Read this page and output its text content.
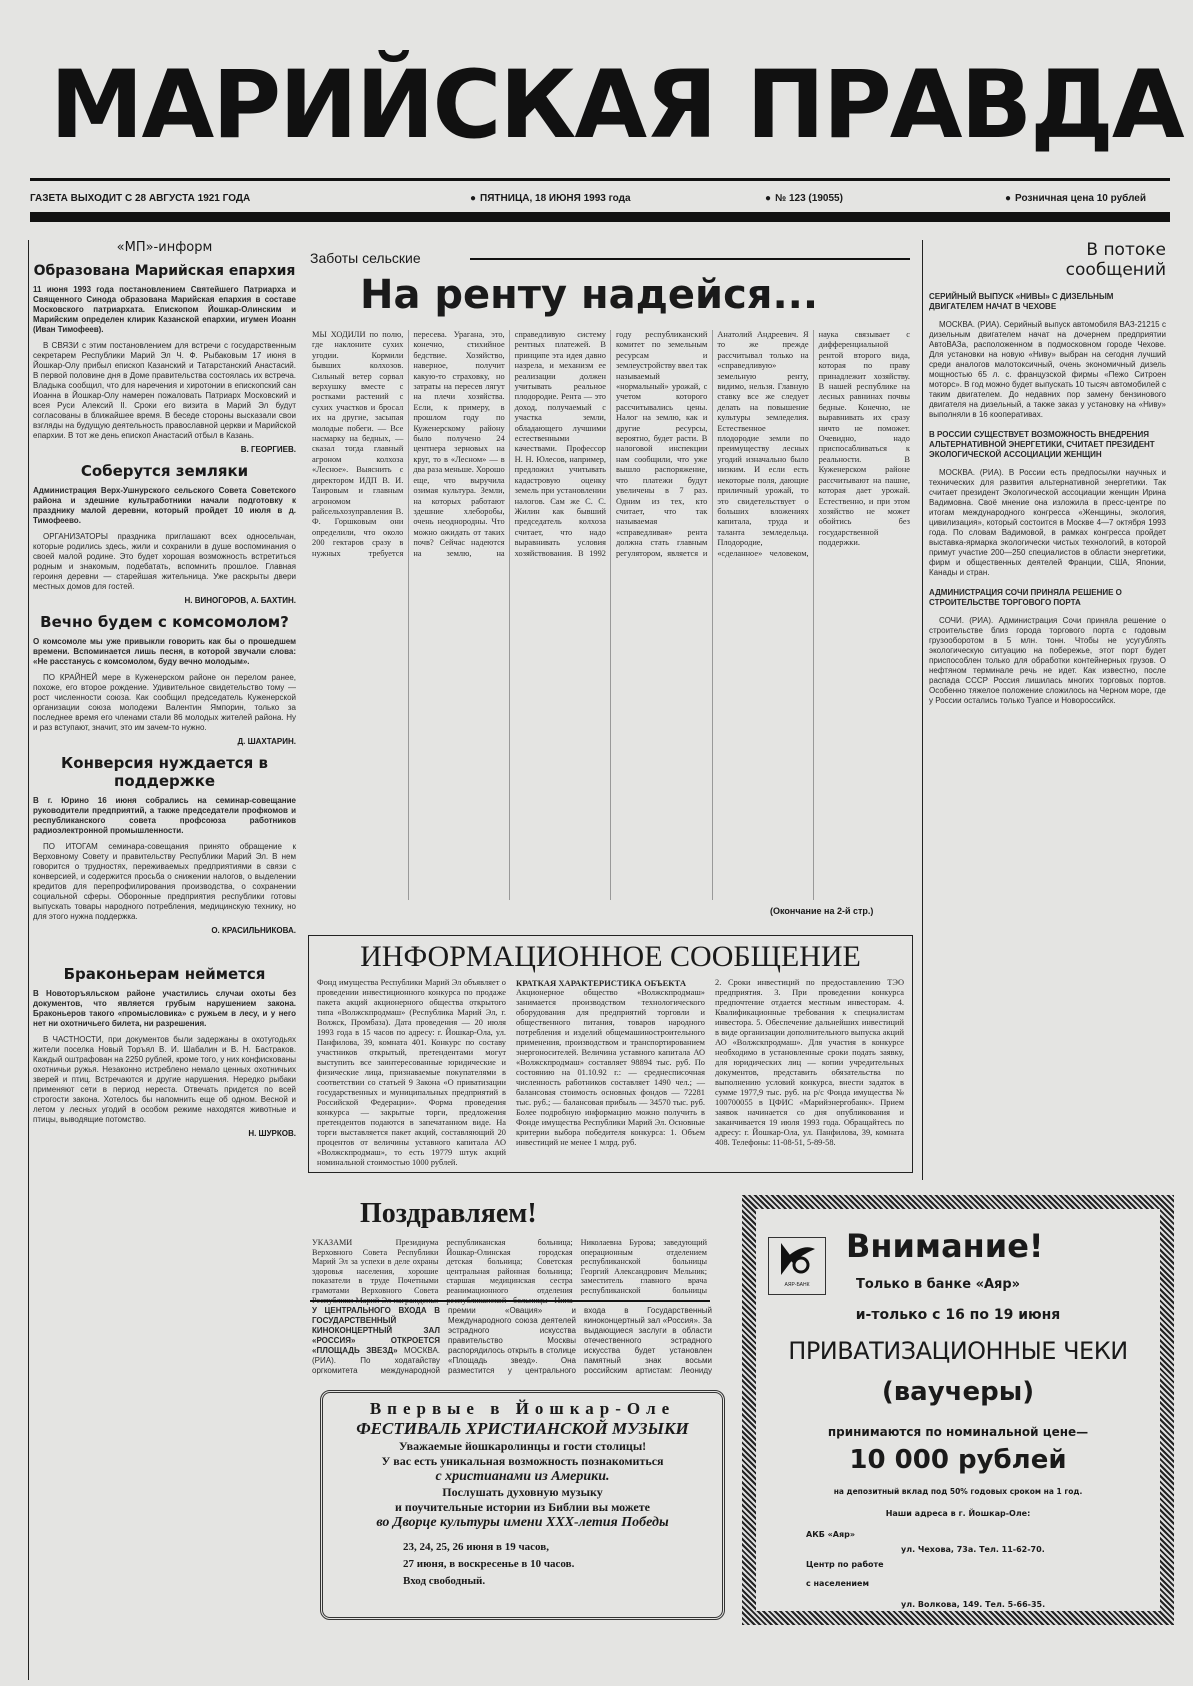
МАРИЙСКАЯ ПРАВДА
ГАЗЕТА ВЫХОДИТ С 28 АВГУСТА 1921 ГОДА	● ПЯТНИЦА, 18 ИЮНЯ 1993 года	● № 123 (19055)	● Розничная цена 10 рублей
«МП»-информ
Образована Марийская епархия

11 июня 1993 года постановлением Святейшего Патриарха и Священного Синода образована Марийская епархия в составе Московского патриархата. Епископом Йошкар-Олинским и Марийским определен клирик Казанской епархии, игумен Иоанн (Иван Тимофеев).

В СВЯЗИ с этим постановлением для встречи с государственным секретарем Республики Марий Эл Ч. Ф. Рыбаковым 17 июня в Йошкар-Олу прибыл епископ Казанский и Татарстанский Анастасий. В первой половине дня в Доме правительства состоялась их встреча. Владыка сообщил, что для наречения и хиротонии в епископский сан Иоанна в Йошкар-Олу намерен пожаловать Патриарх Московский и всея Руси Алексий II. Сроки его визита в Марий Эл будут согласованы в ближайшее время. В беседе стороны высказали свои взгляды на будущую деятельность православной церкви и Марийской епархии. В тот же день епископ Анастасий отбыл в Казань.

В. ГЕОРГИЕВ.
Соберутся земляки

Администрация Верх-Ушнурского сельского Совета Советского района и здешние культработники начали подготовку к празднику малой деревни, который пройдет 10 июля в д. Тимофеево.

ОРГАНИЗАТОРЫ праздника приглашают всех односельчан, которые родились здесь, жили и сохранили в душе воспоминания о своей малой родине. Это будет хорошая возможность встретиться родным и знакомым, подебатать, вспомнить прошлое. Главная героиня деревни — старейшая жительница. Уже раскрыты двери местных домов для гостей.

Н. ВИНОГОРОВ, А. БАХТИН.
Вечно будем с комсомолом?

О комсомоле мы уже привыкли говорить как бы о прошедшем времени. Вспоминается лишь песня, в которой звучали слова: «Не расстанусь с комсомолом, буду вечно молодым».

ПО КРАЙНЕЙ мере в Куженерском районе он перелом ранее, похоже, его второе рождение. Удивительное свидетельство тому — рост численности союза. Как сообщил председатель Куженерской организации союза молодежи Валентин Ямпорин, только за последнее время его членами стали 86 молодых жителей района. Ну и раз вступают, значит, это им зачем-то нужно.

Д. ШАХТАРИН.
Конверсия нуждается в поддержке

В г. Юрино 16 июня собрались на семинар-совещание руководители предприятий, а также председатели профкомов и республиканского совета профсоюза работников радиоэлектронной промышленности.

ПО ИТОГАМ семинара-совещания принято обращение к Верховному Совету и правительству Республики Марий Эл. В нем говорится о трудностях, переживаемых предприятиями в связи с конверсией, и содержится просьба о снижении налогов, о выделении кредитов для перепрофилирования производства, о сохранении социальной сферы. Оборонные предприятия республики готовы выпускать товары народного потребления, медицинскую технику, но для этого нужна поддержка.

О. КРАСИЛЬНИКОВА.
Браконьерам неймется

В Новоторъяльском районе участились случаи охоты без документов, что является грубым нарушением закона. Браконьеров такого «промысловика» с ружьем в лесу, и у него нет ни охотничьего билета, ни разрешения.

В ЧАСТНОСТИ, при документов были задержаны в охотугодьях жители поселка Новый Торъял В. И. Шабалин и В. Н. Бастраков. Каждый оштрафован на 2250 рублей, кроме того, у них конфискованы охотничьи ружья. Незаконно истреблено немало ценных охотничьих зверей и птиц. Встречаются и другие нарушения. Нередко рыбаки применяют сети в период нереста. Отвечать придется по всей строгости закона. Хотелось бы напомнить еще об одном. Весной и летом у лесных угодий в особом режиме находятся животные и птицы, выводящие потомство.

Н. ШУРКОВ.
Заботы сельские
На ренту надейся...
МЫ ХОДИЛИ по полю, где наклоните сухих угодии. Кормили бывших колхозов. Сильный ветер сорвал верхушку вместе с ростками растений с сухих участков и бросал их на другие, засыпая молодые побеги. — Все насмарку на бедных, — сказал тогда главный агроном колхоза «Лесное». Выяснить с директором ИДП В. И. Таировым и главным агрономом райсельхозуправления В. Ф. Горшковым они определили, что около 200 гектаров сразу в нужных требуется пересева. Урагана, это, конечно, стихийное бедствие. Хозяйство, наверное, получит какую-то страховку, но затраты на пересев лягут на плечи хозяйства. Если, к примеру, в прошлом году по Куженерскому району было получено 24 центнера зерновых на круг, то в «Лесном» — в два раза меньше. Хорошо еще, что выручила озимая культура. Земли, на которых работают здешние хлеборобы, очень неоднородны. Что можно ожидать от таких почв? Сейчас надеются на землю, на справедливую систему рентных платежей. В принципе эта идея давно назрела, и механизм ее реализации должен учитывать реальное плодородие. Рента — это доход, получаемый с участка земли, обладающего лучшими естественными качествами. Профессор Н. Н. Юлесов, например, предложил учитывать кадастровую оценку земель при установлении налогов. Сам же С. С. Жилин как бывший председатель колхоза считает, что надо выравнивать условия хозяйствования. В 1992 году республиканский комитет по земельным ресурсам и землеустройству ввел так называемый «нормальный» урожай, с учетом которого рассчитывались цены. Налог на землю, как и другие ресурсы, вероятно, будет расти. В налоговой инспекции нам сообщили, что уже вышло распоряжение, что платежи будут увеличены в 7 раз. Одним из тех, кто считает, что так называемая «справедливая» рента должна стать главным регулятором, является и Анатолий Андреевич. Я то же прежде рассчитывал только на «справедливую» земельную ренту, видимо, нельзя. Главную ставку все же следует делать на повышение культуры земледелия. Естественное плодородие земли по преимуществу лесных угодий изначально было низким. И если есть некоторые поля, дающие приличный урожай, то это свидетельствует о больших вложениях капитала, труда и таланта земледельца. Плодородие, «сделанное» человеком, наука связывает с дифференциальной рентой второго вида, которая по праву принадлежит хозяйству. В нашей республике на лесных равнинах почвы бедные. Конечно, не выравнивать их сразу ничто не поможет. Очевидно, надо приспосабливаться к реальности. В Куженерском районе рассчитывают на пашне, которая дает урожай. Естественно, и при этом хозяйство не может обойтись без государственной поддержки.
(Окончание на 2-й стр.)
В потоке сообщений
СЕРИЙНЫЙ ВЫПУСК «НИВЫ» С ДИЗЕЛЬНЫМ ДВИГАТЕЛЕМ НАЧАТ В ЧЕХОВЕ

МОСКВА. (РИА). Серийный выпуск автомобиля ВАЗ-21215 с дизельным двигателем начат на дочернем предприятии АвтоВАЗа, расположенном в подмосковном городе Чехове. Для установки на новую «Ниву» выбран на сегодня лучший среди аналогов малотоксичный, очень экономичный дизель мощностью 65 л. с. французской фирмы «Пежо Ситроен моторс». В год можно будет выпускать 10 тысяч автомобилей с таким двигателем. До недавних пор замену бензинового двигателя на дизельный, а также заказ у установку на «Ниву» выполняли в 16 кооперативах.

В РОССИИ СУЩЕСТВУЕТ ВОЗМОЖНОСТЬ ВНЕДРЕНИЯ АЛЬТЕРНАТИВНОЙ ЭНЕРГЕТИКИ, СЧИТАЕТ ПРЕЗИДЕНТ ЭКОЛОГИЧЕСКОЙ АССОЦИАЦИИ ЖЕНЩИН

МОСКВА. (РИА). В России есть предпосылки научных и технических для развития альтернативной энергетики. Так считает президент Экологической ассоциации женщин Ирина Вадимовна. Своё мнение она изложила в пресс-центре по итогам международного конгресса «Женщины, экология, цивилизация», который состоится в Москве 4—7 октября 1993 года. По словам Вадимовой, в рамках конгресса пройдет выставка-ярмарка экологически чистых технологий, в которой примут участие 200—250 специалистов в области энергетики, фирм и общественных деятелей Франции, США, Японии, Канады и стран.

АДМИНИСТРАЦИЯ СОЧИ ПРИНЯЛА РЕШЕНИЕ О СТРОИТЕЛЬСТВЕ ТОРГОВОГО ПОРТА

СОЧИ. (РИА). Администрация Сочи приняла решение о строительстве близ города торгового порта с годовым грузооборотом в 5 млн. тонн. Чтобы не усугублять экологическую ситуацию на побережье, этот порт будет приспособлен только для обработки контейнерных грузов. О нефтяном терминале речь не идет. Как известно, после распада СССР Россия лишилась многих торговых портов. Особенно тяжелое положение сложилось на Черном море, где у России остались только Туапсе и Новороссийск.

ИНФОРМАЦИОННОЕ СООБЩЕНИЕ

Фонд имущества Республики Марий Эл объявляет о проведении инвестиционного конкурса по продаже пакета акций акционерного общества открытого типа «Волжскпродмаш» (Республика Марий Эл, г. Волжск, Промбаза). Дата проведения — 20 июля 1993 года в 15 часов по адресу: г. Йошкар-Ола, ул. Панфилова, 39, комната 401. Конкурс по составу участников открытый, претендентами могут выступить все заинтересованные юридические и физические лица, признаваемые покупателями в соответствии со статьей 9 Закона «О приватизации государственных и муниципальных предприятий в Российской Федерации». Форма проведения конкурса — закрытые торги, предложения претендентов подаются в запечатанном виде. На торги выставляется пакет акций, составляющий 20 процентов от величины уставного капитала АО «Волжскпродмаш», то есть 19779 штук акций номинальной стоимостью 1000 рублей.

КРАТКАЯ ХАРАКТЕРИСТИКА ОБЪЕКТА

Акционерное общество «Волжскпродмаш» занимается производством технологического оборудования для предприятий торговли и общественного питания, товаров народного потребления и изделий общемашиностроительного применения, производством и транспортированием энергоносителей. Величина уставного капитала АО «Волжскпродмаш» составляет 98894 тыс. руб. По состоянию на 01.10.92 г.: — среднесписочная численность работников составляет 1490 чел.; — балансовая стоимость основных фондов — 72281 тыс. руб.; — балансовая прибыль — 34570 тыс. руб. Более подробную информацию можно получить в Фонде имущества Республики Марий Эл. Основные критерии выбора победителя конкурса: 1. Объем инвестиций не менее 1 млрд. руб.

2. Сроки инвестиций по предоставлению ТЭО предприятия. 3. При проведении конкурса предпочтение отдается местным инвесторам. 4. Квалификационные требования к специалистам инвестора. 5. Обеспечение дальнейших инвестиций в виде организации дополнительного выпуска акций АО «Волжскпродмаш». Для участия в конкурсе необходимо в установленные сроки подать заявку, для юридических лиц — копии учредительных документов, представить обязательства по выполнению условий конкурса, внести задаток в сумме 1977,9 тыс. руб. на р/с Фонда имущества № 100700055 в ЦФИС «Марийэнергобанк». Прием заявок начинается со дня опубликования и заканчивается 19 июля 1993 года. Обращайтесь по адресу: г. Йошкар-Ола, ул. Панфилова, 39, комната 408. Телефоны: 11-08-51, 5-89-58.

Поздравляем!
УКАЗАМИ Президиума Верховного Совета Республики Марий Эл за успехи в деле охраны здоровья населения, хорошие показатели в труде Почетными грамотами Верховного Совета республиканская больница; Йошкар-Олинская городская детская больница; Советская центральная районная больница; старшая медицинская сестра реанимационного отделения Николаевна Бурова; заведующий операционным отделением республиканской больницы Георгий Александрович Мельник; заместитель главного врача республиканской больницы
У ЦЕНТРАЛЬНОГО ВХОДА В ГОСУДАРСТВЕННЫЙ КИНОКОНЦЕРТНЫЙ ЗАЛ «РОССИЯ» ОТКРОЕТСЯ «ПЛОЩАДЬ ЗВЕЗД» МОСКВА. (РИА). По ходатайству оргкомитета международной премии «Овация» и Международного союза деятелей эстрадного искусства правительство Москвы распорядилось открыть в столице «Площадь звезд». Она разместится у центрального входа в Государственный киноконцертный зал «Россия». За выдающиеся заслуги в области отечественного эстрадного искусства будет установлен памятный знак восьми российским артистам: Леониду
Впервые в Йошкар-Оле
ФЕСТИВАЛЬ ХРИСТИАНСКОЙ МУЗЫКИ
Уважаемые йошкаролинцы и гости столицы!
У вас есть уникальная возможность познакомиться
с христианами из Америки.
Послушать духовную музыку
и поучительные истории из Библии вы можете
во Дворце культуры имени XXX-летия Победы
23, 24, 25, 26 июня в 19 часов,
27 июня, в воскресенье в 10 часов.
Вход свободный.
АЯР-БАНК
Внимание!
Только в банке «Аяр»
и-только с 16 по 19 июня
ПРИВАТИЗАЦИОННЫЕ ЧЕКИ
(ваучеры)
принимаются по номинальной цене—
10 000 рублей
на депозитный вклад под 50% годовых сроком на 1 год.
Наши адреса в г. Йошкар-Оле:
АКБ «Аяр»
ул. Чехова, 73а. Тел. 11-62-70.
Центр по работе
с населением
ул. Волкова, 149. Тел. 5-66-35.
